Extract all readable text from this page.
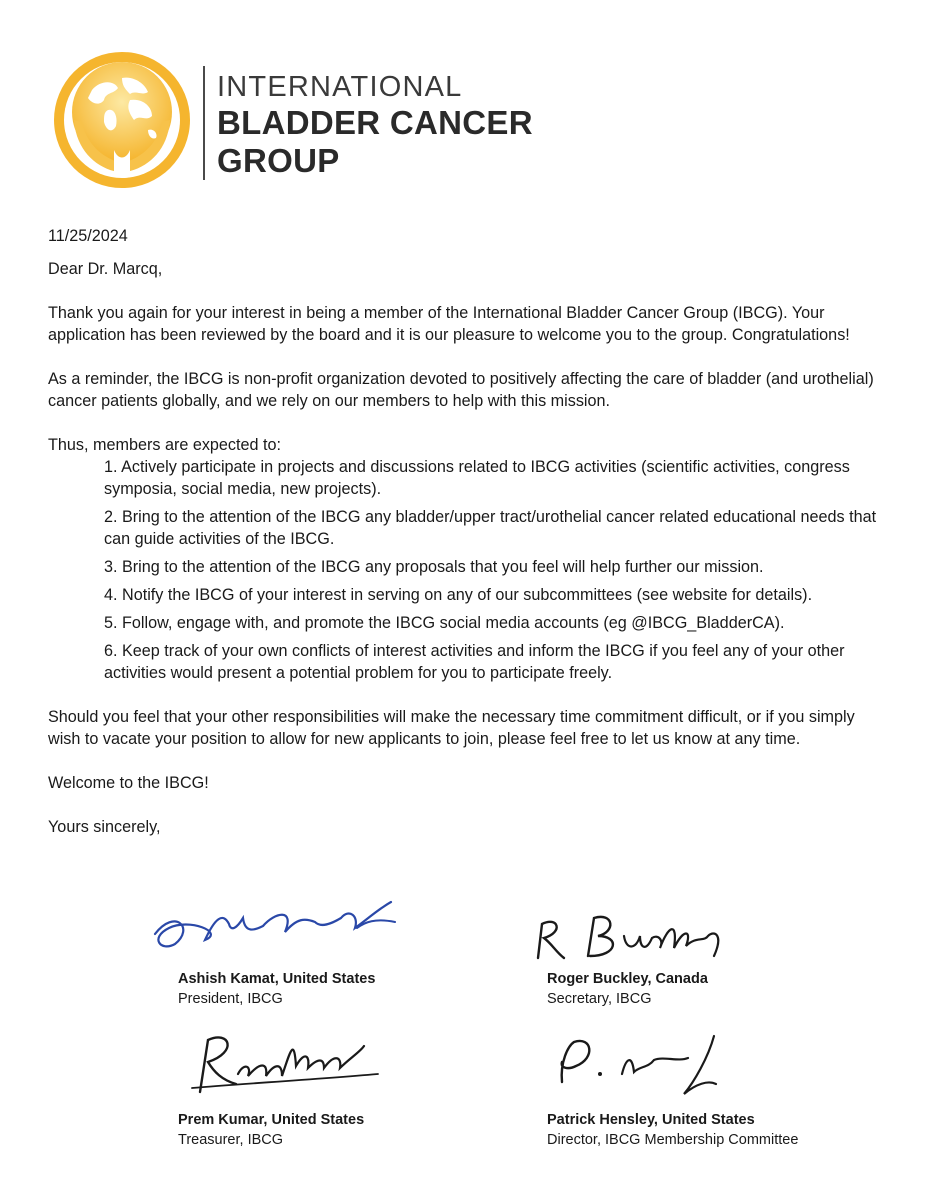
INTERNATIONAL
BLADDER CANCER
GROUP

11/25/2024

Dear Dr. Marcq,

Thank you again for your interest in being a member of the International Bladder Cancer Group (IBCG). Your application has been reviewed by the board and it is our pleasure to welcome you to the group. Congratulations!

As a reminder, the IBCG is non-profit organization devoted to positively affecting the care of bladder (and urothelial) cancer patients globally, and we rely on our members to help with this mission.

Thus, members are expected to:

1. Actively participate in projects and discussions related to IBCG activities (scientific activities, congress symposia, social media, new projects).
2. Bring to the attention of the IBCG any bladder/upper tract/urothelial cancer related educational needs that can guide activities of the IBCG.
3. Bring to the attention of the IBCG any proposals that you feel will help further our mission.
4. Notify the IBCG of your interest in serving on any of our subcommittees (see website for details).
5. Follow, engage with, and promote the IBCG social media accounts (eg @IBCG_BladderCA).
6. Keep track of your own conflicts of interest activities and inform the IBCG if you feel any of your other activities would present a potential problem for you to participate freely.

Should you feel that your other responsibilities will make the necessary time commitment difficult, or if you simply wish to vacate your position to allow for new applicants to join, please feel free to let us know at any time.

Welcome to the IBCG!

Yours sincerely,

Ashish Kamat, United States
President, IBCG
Roger Buckley, Canada
Secretary, IBCG
Prem Kumar, United States
Treasurer, IBCG
Patrick Hensley, United States
Director, IBCG Membership Committee
